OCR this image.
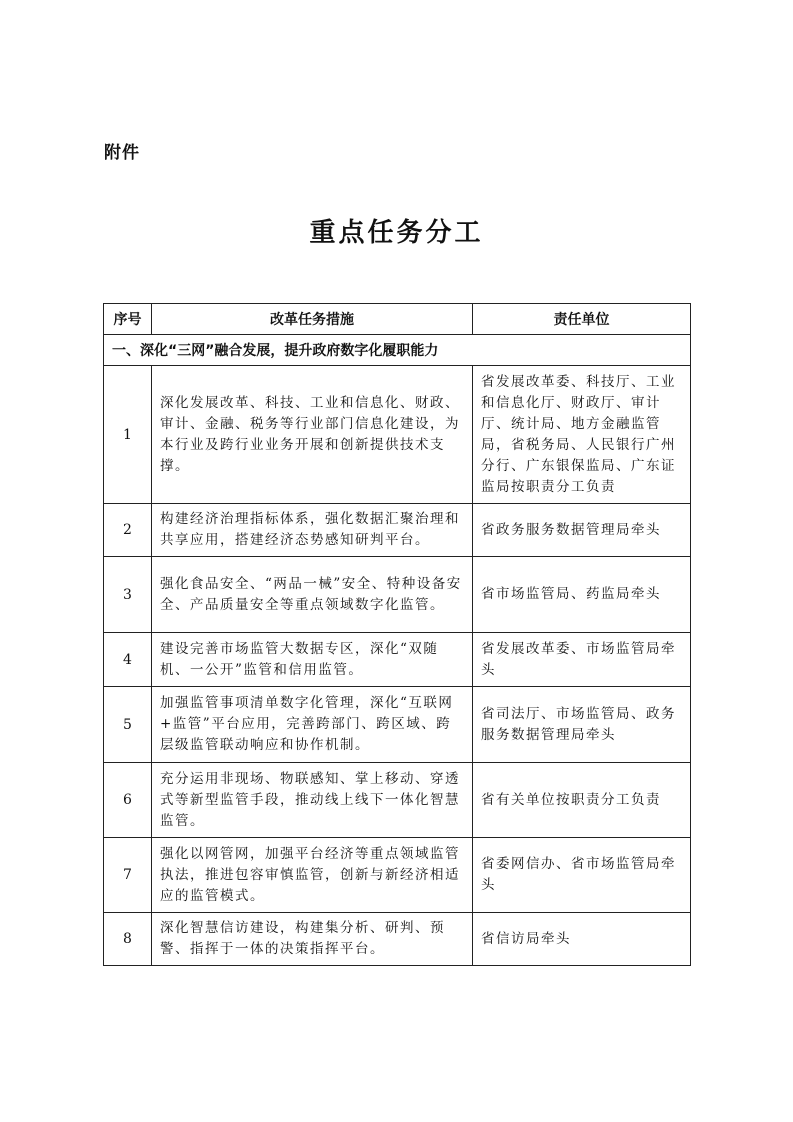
附件
重点任务分工
序号	改革任务措施	责任单位
一、深化“三网”融合发展，提升政府数字化履职能力		
1	深化发展改革、科技、工业和信息化、财政、审计、金融、税务等行业部门信息化建设，为本行业及跨行业业务开展和创新提供技术支撑。	省发展改革委、科技厅、工业和信息化厅、财政厅、审计厅、统计局、地方金融监管局，省税务局、人民银行广州分行、广东银保监局、广东证监局按职责分工负责
2	构建经济治理指标体系，强化数据汇聚治理和共享应用，搭建经济态势感知研判平台。	省政务服务数据管理局牵头
3	强化食品安全、“两品一械”安全、特种设备安全、产品质量安全等重点领域数字化监管。	省市场监管局、药监局牵头
4	建设完善市场监管大数据专区，深化“双随机、一公开”监管和信用监管。	省发展改革委、市场监管局牵头
5	加强监管事项清单数字化管理，深化“互联网+监管”平台应用，完善跨部门、跨区域、跨层级监管联动响应和协作机制。	省司法厅、市场监管局、政务服务数据管理局牵头
6	充分运用非现场、物联感知、掌上移动、穿透式等新型监管手段，推动线上线下一体化智慧监管。	省有关单位按职责分工负责
7	强化以网管网，加强平台经济等重点领域监管执法，推进包容审慎监管，创新与新经济相适应的监管模式。	省委网信办、省市场监管局牵头
8	深化智慧信访建设，构建集分析、研判、预警、指挥于一体的决策指挥平台。	省信访局牵头
